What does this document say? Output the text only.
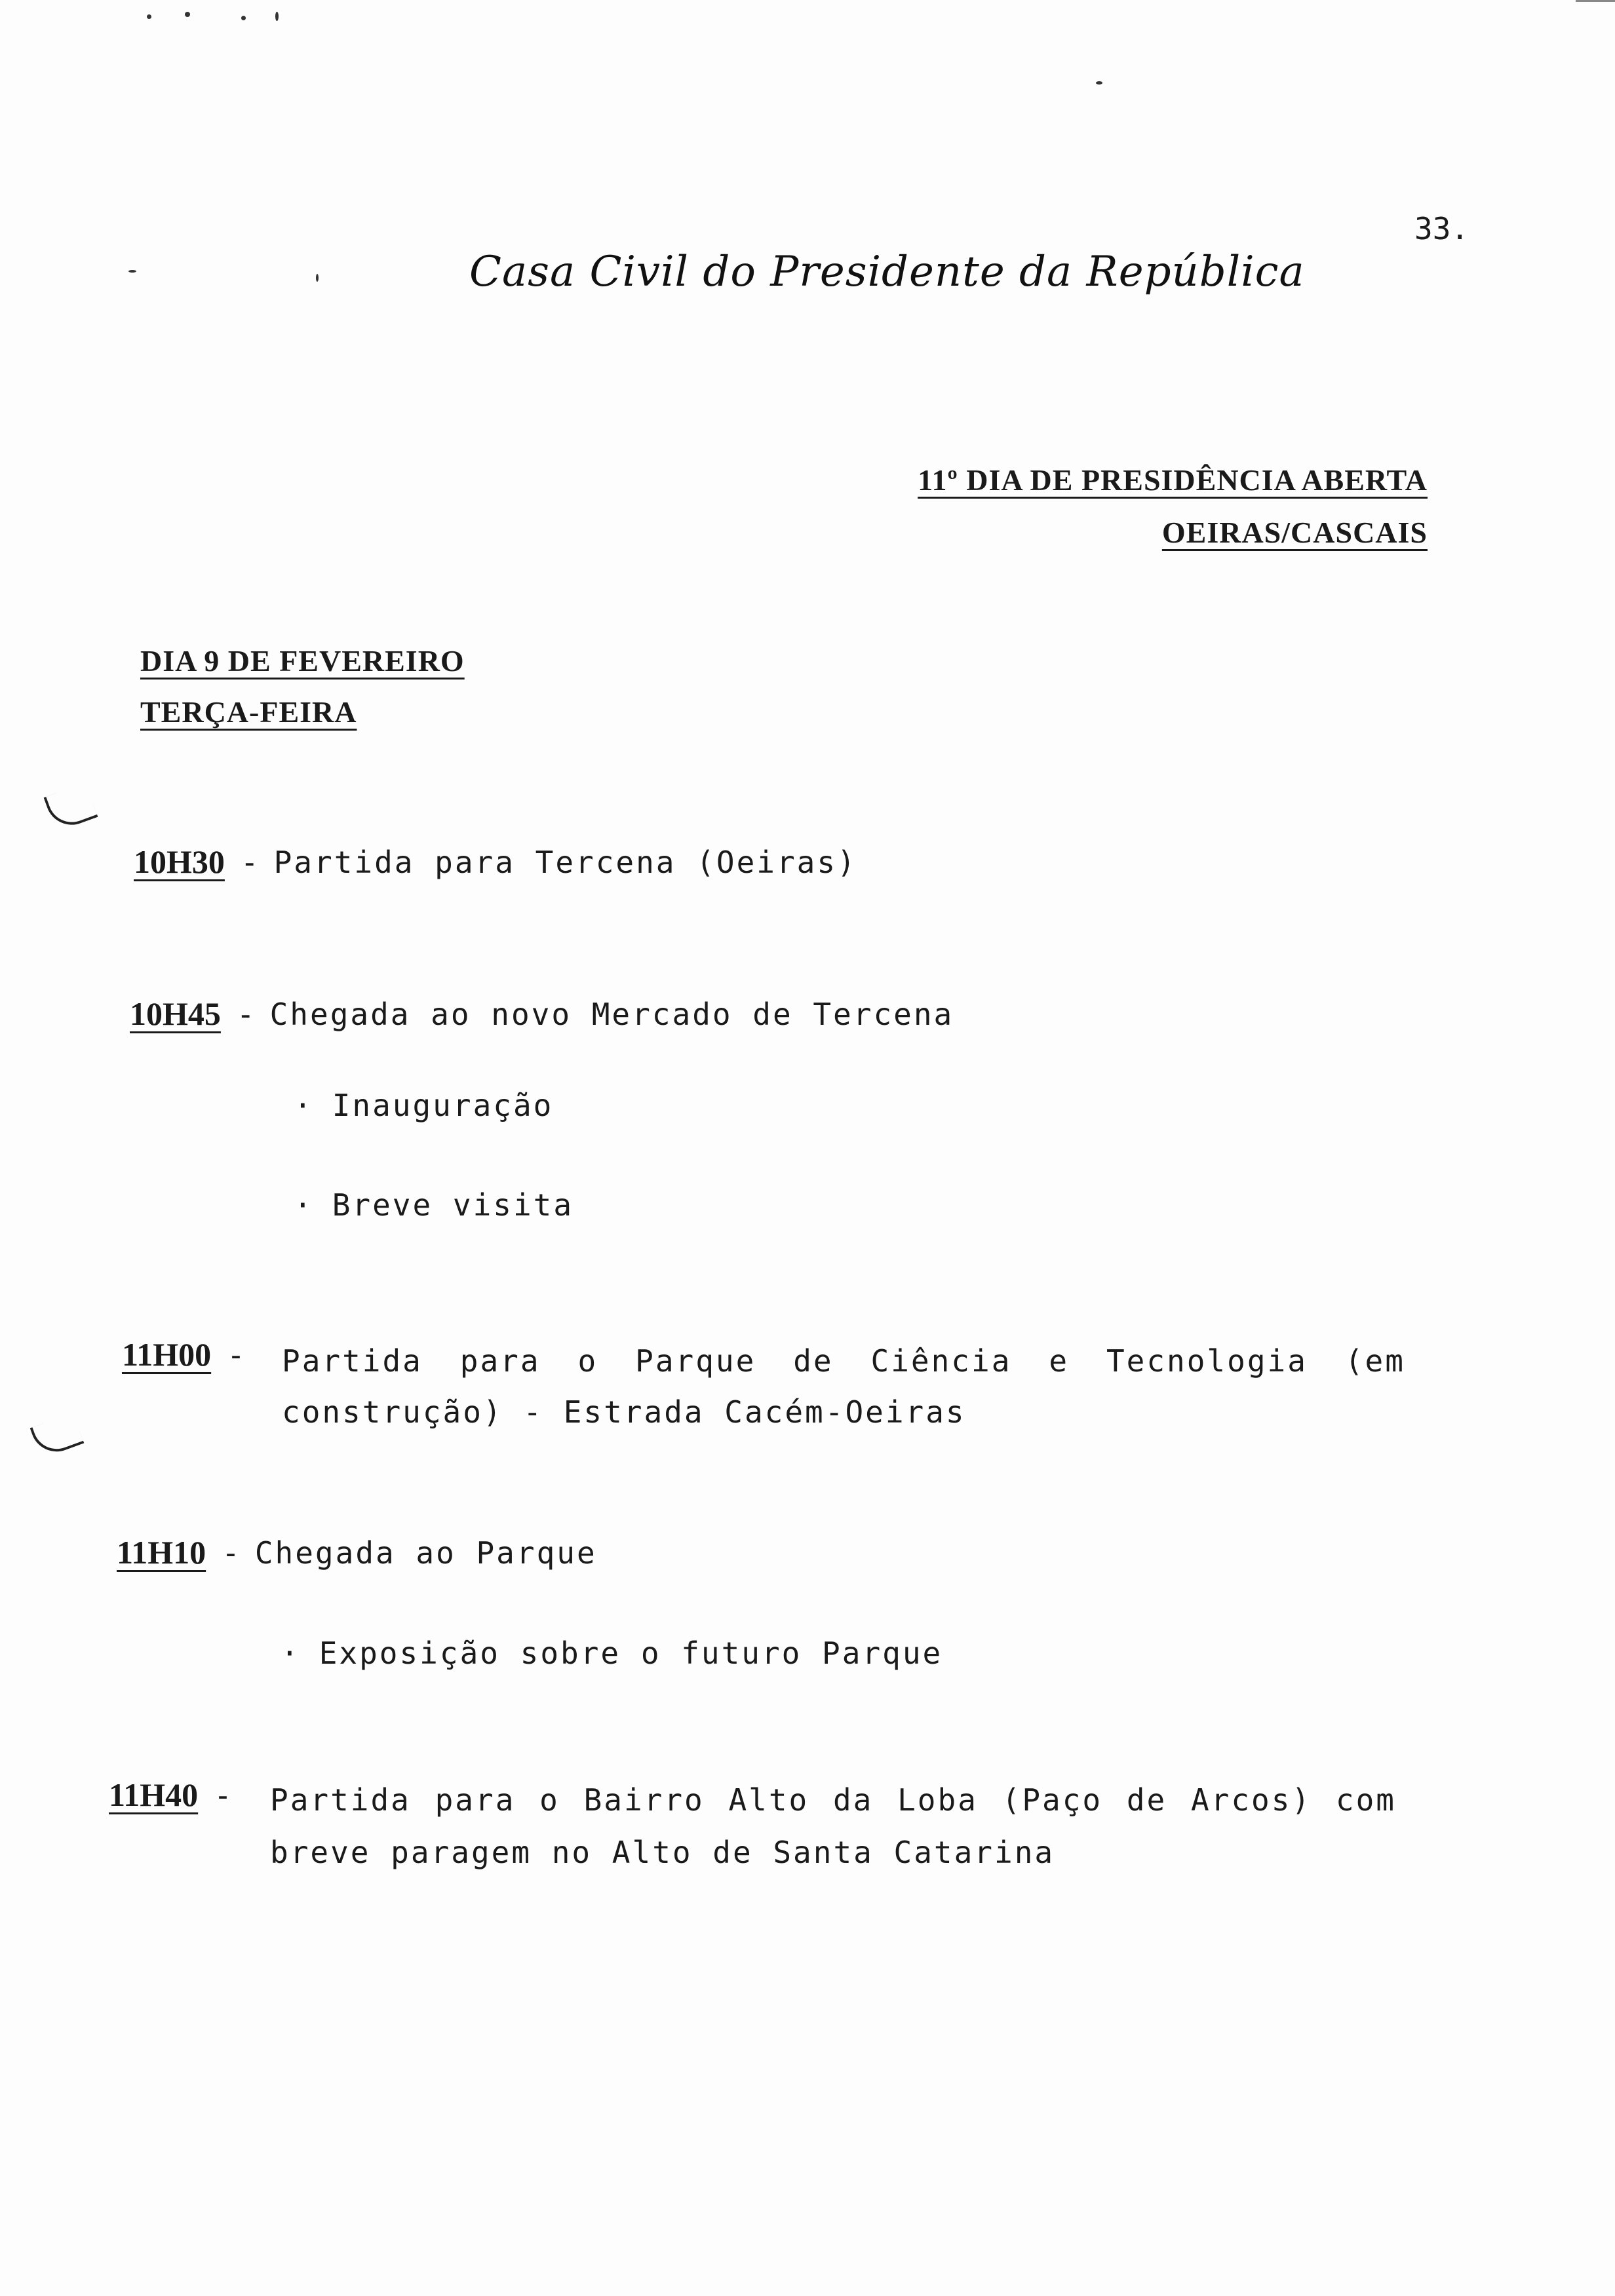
33.
Casa Civil do Presidente da República
11º DIA DE PRESIDÊNCIA ABERTA
OEIRAS/CASCAIS
DIA 9 DE FEVEREIRO
TERÇA-FEIRA
10H30 - Partida para Tercena (Oeiras)
10H45 - Chegada ao novo Mercado de Tercena
· Inauguração
· Breve visita
11H00 -	Partida para o Parque de Ciência e Tecnologia (em
construção) - Estrada Cacém-Oeiras
11H10 - Chegada ao Parque
· Exposição sobre o futuro Parque
11H40 -	Partida para o Bairro Alto da Loba (Paço de Arcos) com
breve paragem no Alto de Santa Catarina
